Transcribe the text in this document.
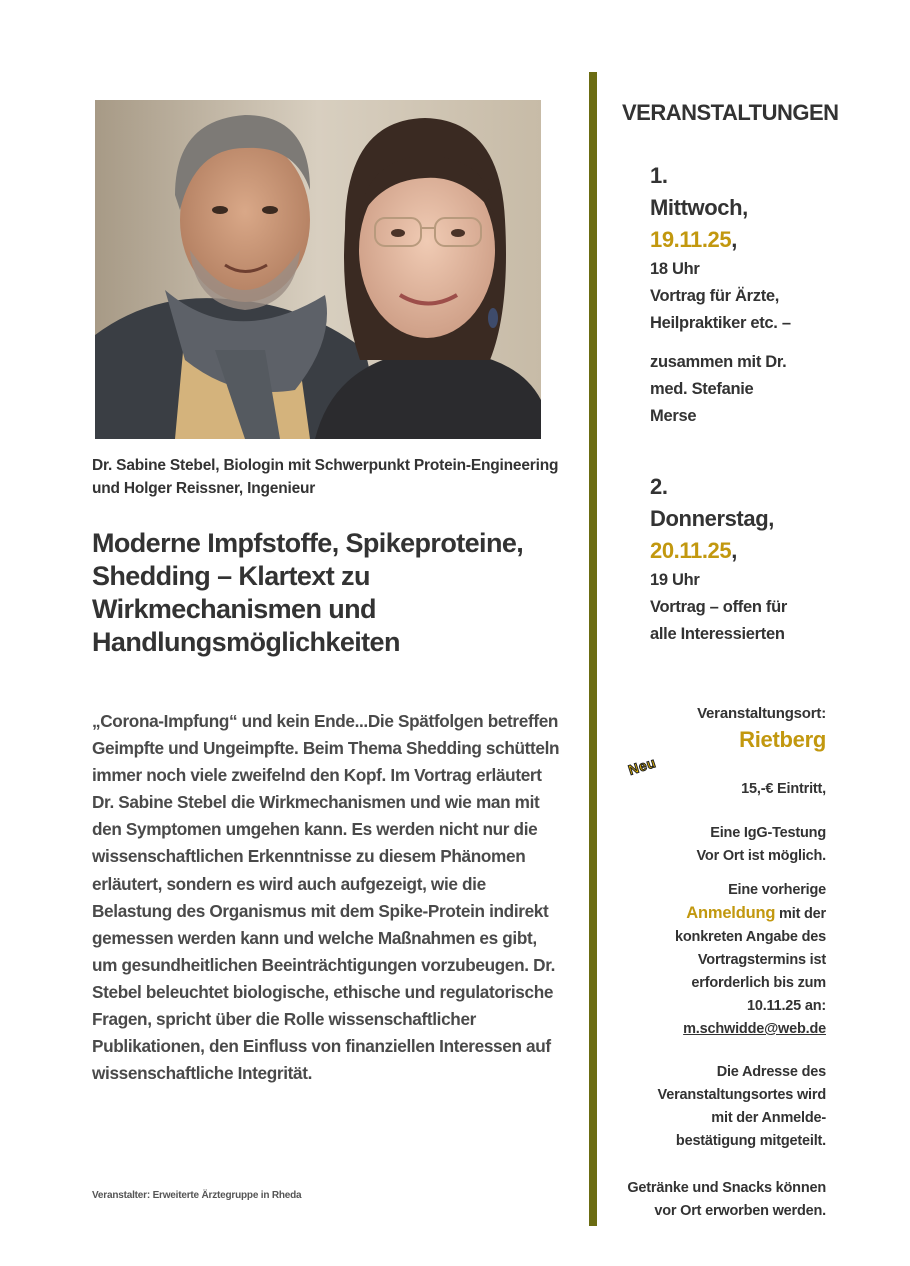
Dr. Sabine Stebel, Biologin mit Schwerpunkt Protein-Engineering und Holger Reissner, Ingenieur
Moderne Impfstoffe, Spikeproteine, Shedding – Klartext zu Wirkmechanismen und Handlungsmöglichkeiten
„Corona-Impfung“ und kein Ende...Die Spätfolgen betreffen Geimpfte und Ungeimpfte. Beim Thema Shedding schütteln immer noch viele zweifelnd den Kopf. Im Vortrag erläutert Dr. Sabine Stebel die Wirkmechanismen und wie man mit den Symptomen umgehen kann. Es werden nicht nur die wissenschaftlichen Erkenntnisse zu diesem Phänomen erläutert, sondern es wird auch aufgezeigt, wie die Belastung des Organismus mit dem Spike-Protein indirekt gemessen werden kann und welche Maßnahmen es gibt, um gesundheitlichen Beeinträchtigungen vorzubeugen. Dr. Stebel beleuchtet biologische, ethische und regulatorische Fragen, spricht über die Rolle wissenschaftlicher Publikationen, den Einfluss von finanziellen Interessen auf wissenschaftliche Integrität.
Veranstalter: Erweiterte Ärztegruppe in Rheda
VERANSTALTUNGEN
1.
Mittwoch,
19.11.25,
18 Uhr
Vortrag für Ärzte,
Heilpraktiker etc. –
zusammen mit Dr.
med. Stefanie
Merse
2.
Donnerstag,
20.11.25,
19 Uhr
Vortrag – offen für
alle Interessierten
Veranstaltungsort:
Rietberg
Neu
15,-€ Eintritt,
Eine IgG-Testung
Vor Ort ist möglich.
Eine vorherige
Anmeldung mit der
konkreten Angabe des
Vortragstermins ist
erforderlich bis zum
10.11.25 an:
m.schwidde@web.de
Die Adresse des
Veranstaltungsortes wird
mit der Anmelde-
bestätigung mitgeteilt.
Getränke und Snacks können
vor Ort erworben werden.
